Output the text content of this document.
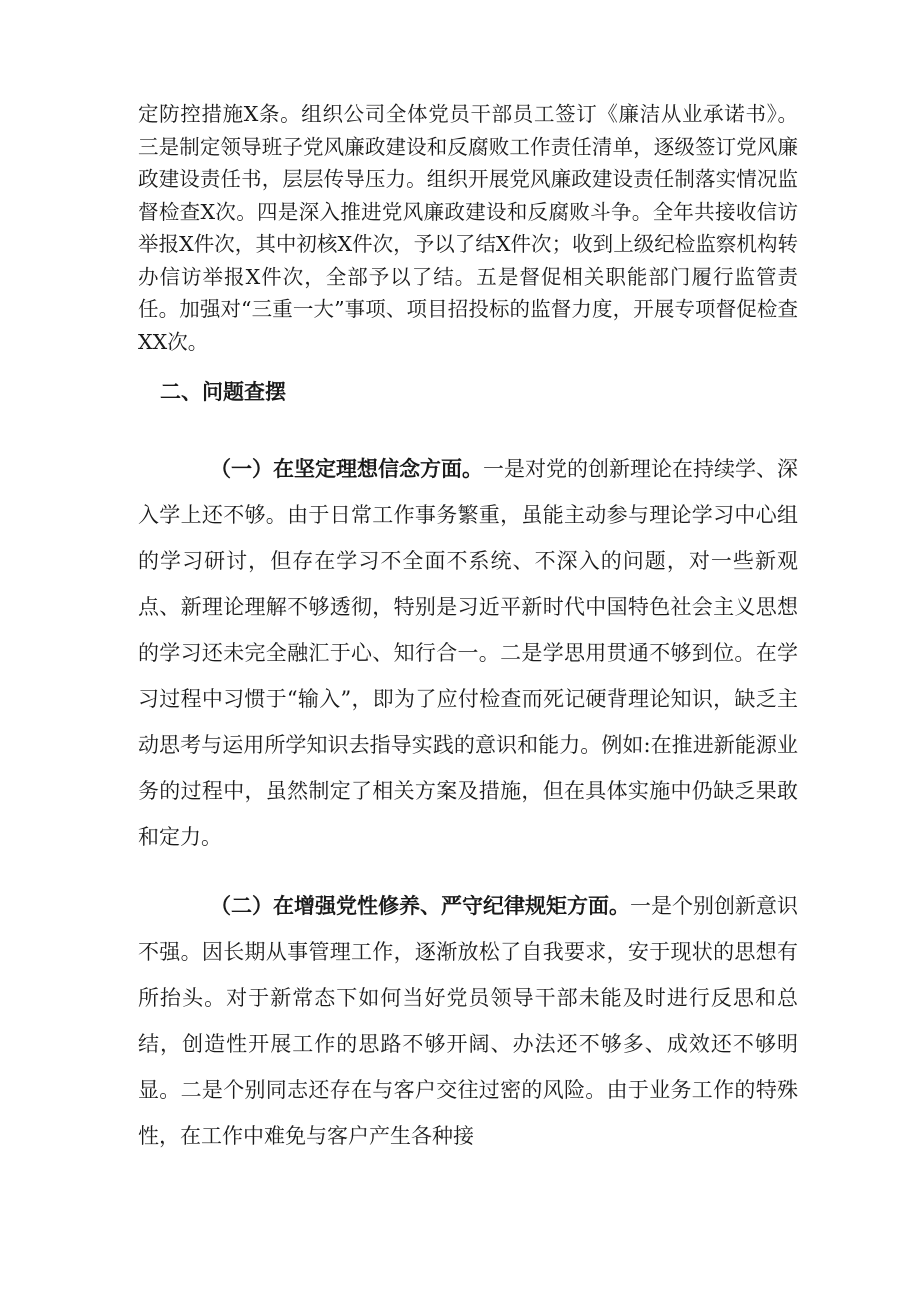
定防控措施X条。组织公司全体党员干部员工签订《廉洁从业承诺书》。三是制定领导班子党风廉政建设和反腐败工作责任清单，逐级签订党风廉政建设责任书，层层传导压力。组织开展党风廉政建设责任制落实情况监督检查X次。四是深入推进党风廉政建设和反腐败斗争。全年共接收信访举报X件次，其中初核X件次，予以了结X件次；收到上级纪检监察机构转办信访举报X件次，全部予以了结。五是督促相关职能部门履行监管责任。加强对“三重一大”事项、项目招投标的监督力度，开展专项督促检查XX次。

二、问题查摆

（一）在坚定理想信念方面。一是对党的创新理论在持续学、深入学上还不够。由于日常工作事务繁重，虽能主动参与理论学习中心组的学习研讨，但存在学习不全面不系统、不深入的问题，对一些新观点、新理论理解不够透彻，特别是习近平新时代中国特色社会主义思想的学习还未完全融汇于心、知行合一。二是学思用贯通不够到位。在学习过程中习惯于“输入”，即为了应付检查而死记硬背理论知识，缺乏主动思考与运用所学知识去指导实践的意识和能力。例如:在推进新能源业务的过程中，虽然制定了相关方案及措施，但在具体实施中仍缺乏果敢和定力。

（二）在增强党性修养、严守纪律规矩方面。一是个别创新意识不强。因长期从事管理工作，逐渐放松了自我要求，安于现状的思想有所抬头。对于新常态下如何当好党员领导干部未能及时进行反思和总结，创造性开展工作的思路不够开阔、办法还不够多、成效还不够明显。二是个别同志还存在与客户交往过密的风险。由于业务工作的特殊性，在工作中难免与客户产生各种接
